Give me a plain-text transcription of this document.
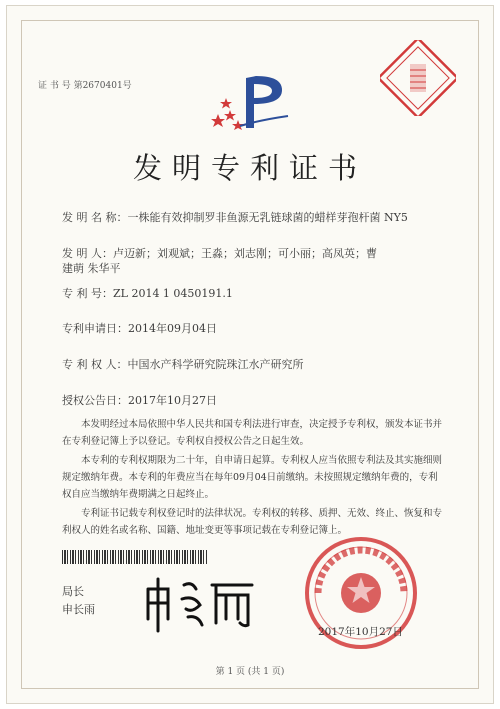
证 书 号 第2670401号
发明专利证书
发 明 名 称：一株能有效抑制罗非鱼源无乳链球菌的蜡样芽孢杆菌 NY5
发 明 人：卢迈新；刘观斌；王淼；刘志刚；可小丽；高凤英；曹建萌 朱华平
专 利 号：ZL 2014 1 0450191.1
专利申请日：2014年09月04日
专 利 权 人：中国水产科学研究院珠江水产研究所
授权公告日：2017年10月27日
本发明经过本局依照中华人民共和国专利法进行审查，决定授予专利权，颁发本证书并在专利登记簿上予以登记。专利权自授权公告之日起生效。
本专利的专利权期限为二十年，自申请日起算。专利权人应当依照专利法及其实施细则规定缴纳年费。本专利的年费应当在每年09月04日前缴纳。未按照规定缴纳年费的，专利权自应当缴纳年费期满之日起终止。
专利证书记载专利权登记时的法律状况。专利权的转移、质押、无效、终止、恢复和专利权人的姓名或名称、国籍、地址变更等事项记载在专利登记簿上。
局长
申长雨
2017年10月27日
第 1 页 (共 1 页)
